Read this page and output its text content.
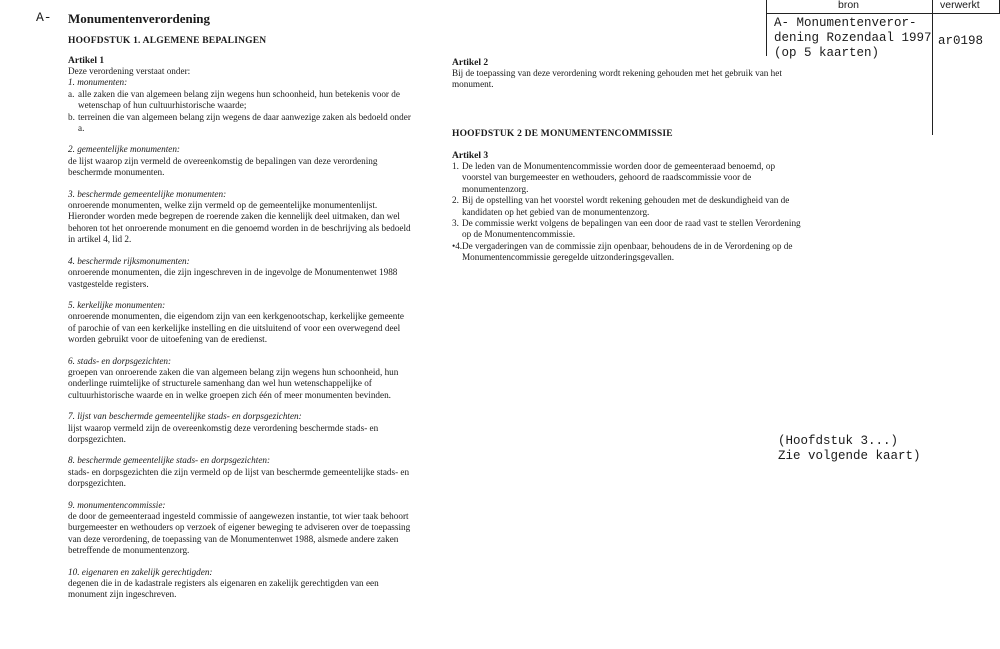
A- Monumentenverordening
HOOFDSTUK 1. ALGEMENE BEPALINGEN
bron	verwerkt
A- Monumentenveror-
dening Rozendaal 1997
(op 5 kaarten)
ar0198
Artikel 1
Deze verordening verstaat onder:
1. monumenten:
a. alle zaken die van algemeen belang zijn wegens hun schoonheid, hun betekenis voor de wetenschap of hun cultuurhistorische waarde;
b. terreinen die van algemeen belang zijn wegens de daar aanwezige zaken als bedoeld onder a.
2. gemeentelijke monumenten:
de lijst waarop zijn vermeld de overeenkomstig de bepalingen van deze verordening beschermde monumenten.
3. beschermde gemeentelijke monumenten:
onroerende monumenten, welke zijn vermeld op de gemeentelijke monumentenlijst. Hieronder worden mede begrepen de roerende zaken die kennelijk deel uitmaken, dan wel behoren tot het onroerende monument en die genoemd worden in de beschrijving als bedoeld in artikel 4, lid 2.
4. beschermde rijksmonumenten:
onroerende monumenten, die zijn ingeschreven in de ingevolge de Monumentenwet 1988 vastgestelde registers.
5. kerkelijke monumenten:
onroerende monumenten, die eigendom zijn van een kerkgenootschap, kerkelijke gemeente of parochie of van een kerkelijke instelling en die uitsluitend of voor een overwegend deel worden gebruikt voor de uitoefening van de eredienst.
6. stads- en dorpsgezichten:
groepen van onroerende zaken die van algemeen belang zijn wegens hun schoonheid, hun onderlinge ruimtelijke of structurele samenhang dan wel hun wetenschappelijke of cultuurhistorische waarde en in welke groepen zich één of meer monumenten bevinden.
7. lijst van beschermde gemeentelijke stads- en dorpsgezichten:
lijst waarop vermeld zijn de overeenkomstig deze verordening beschermde stads- en dorpsgezichten.
8. beschermde gemeentelijke stads- en dorpsgezichten:
stads- en dorpsgezichten die zijn vermeld op de lijst van beschermde gemeentelijke stads- en dorpsgezichten.
9. monumentencommissie:
de door de gemeenteraad ingesteld commissie of aangewezen instantie, tot wier taak behoort burgemeester en wethouders op verzoek of eigener beweging te adviseren over de toepassing van deze verordening, de toepassing van de Monumentenwet 1988, alsmede andere zaken betreffende de monumentenzorg.
10. eigenaren en zakelijk gerechtigden:
degenen die in de kadastrale registers als eigenaren en zakelijk gerechtigden van een monument zijn ingeschreven.
Artikel 2
Bij de toepassing van deze verordening wordt rekening gehouden met het gebruik van het monument.
HOOFDSTUK 2 DE MONUMENTENCOMMISSIE
Artikel 3
1. De leden van de Monumentencommissie worden door de gemeenteraad benoemd, op voorstel van burgemeester en wethouders, gehoord de raadscommissie voor de monumentenzorg.
2. Bij de opstelling van het voorstel wordt rekening gehouden met de deskundigheid van de kandidaten op het gebied van de monumentenzorg.
3. De commissie werkt volgens de bepalingen van een door de raad vast te stellen Verordening op de Monumentencommissie.
•4. De vergaderingen van de commissie zijn openbaar, behoudens de in de Verordening op de Monumentencommissie geregelde uitzonderingsgevallen.
(Hoofdstuk 3...)
Zie volgende kaart)
